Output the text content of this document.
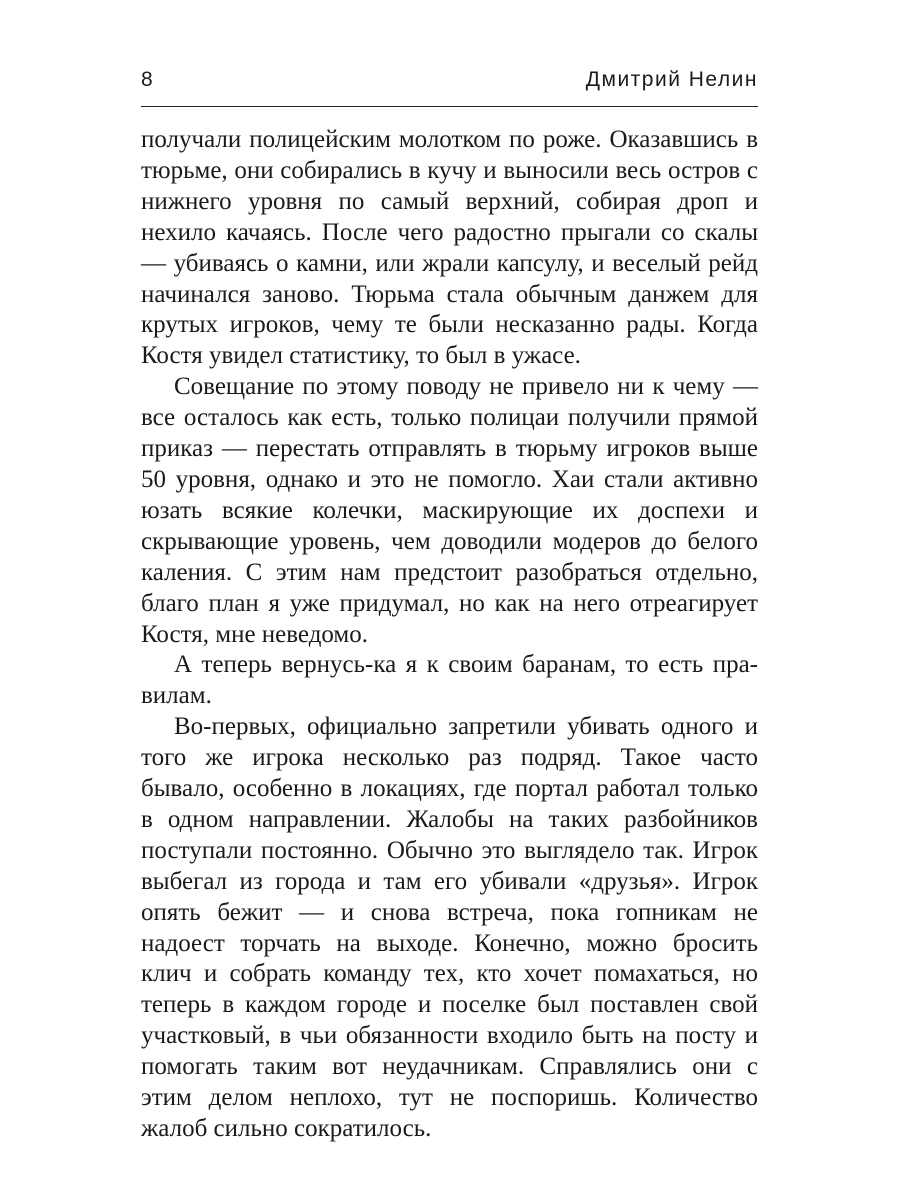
8	Дмитрий Нелин

получали полицейским молотком по роже. Оказавшись в тюрьме, они собирались в кучу и выносили весь остров с нижнего уровня по самый верхний, собирая дроп и нехило качаясь. После чего радостно прыгали со скалы — убиваясь о камни, или жрали капсулу, и веселый рейд начинался заново. Тюрьма стала обычным данжем для крутых игроков, чему те были несказанно рады. Когда Костя увидел статистику, то был в ужасе.

Совещание по этому поводу не привело ни к чему — все осталось как есть, только полицаи получили прямой приказ — перестать отправлять в тюрьму игроков выше 50 уровня, однако и это не помогло. Хаи стали активно юзать всякие колечки, маскирующие их доспехи и скрывающие уровень, чем доводили модеров до белого каления. С этим нам предстоит разобраться отдельно, благо план я уже придумал, но как на него отреагирует Костя, мне неведомо.

А теперь вернусь-ка я к своим баранам, то есть правилам.

Во-первых, официально запретили убивать одного и того же игрока несколько раз подряд. Такое часто бывало, особенно в локациях, где портал работал только в одном направлении. Жалобы на таких разбойников поступали постоянно. Обычно это выглядело так. Игрок выбегал из города и там его убивали «друзья». Игрок опять бежит — и снова встреча, пока гопникам не надоест торчать на выходе. Конечно, можно бросить клич и собрать команду тех, кто хочет помахаться, но теперь в каждом городе и поселке был поставлен свой участковый, в чьи обязанности входило быть на посту и помогать таким вот неудачникам. Справлялись они с этим делом неплохо, тут не поспоришь. Количество жалоб сильно сократилось.
